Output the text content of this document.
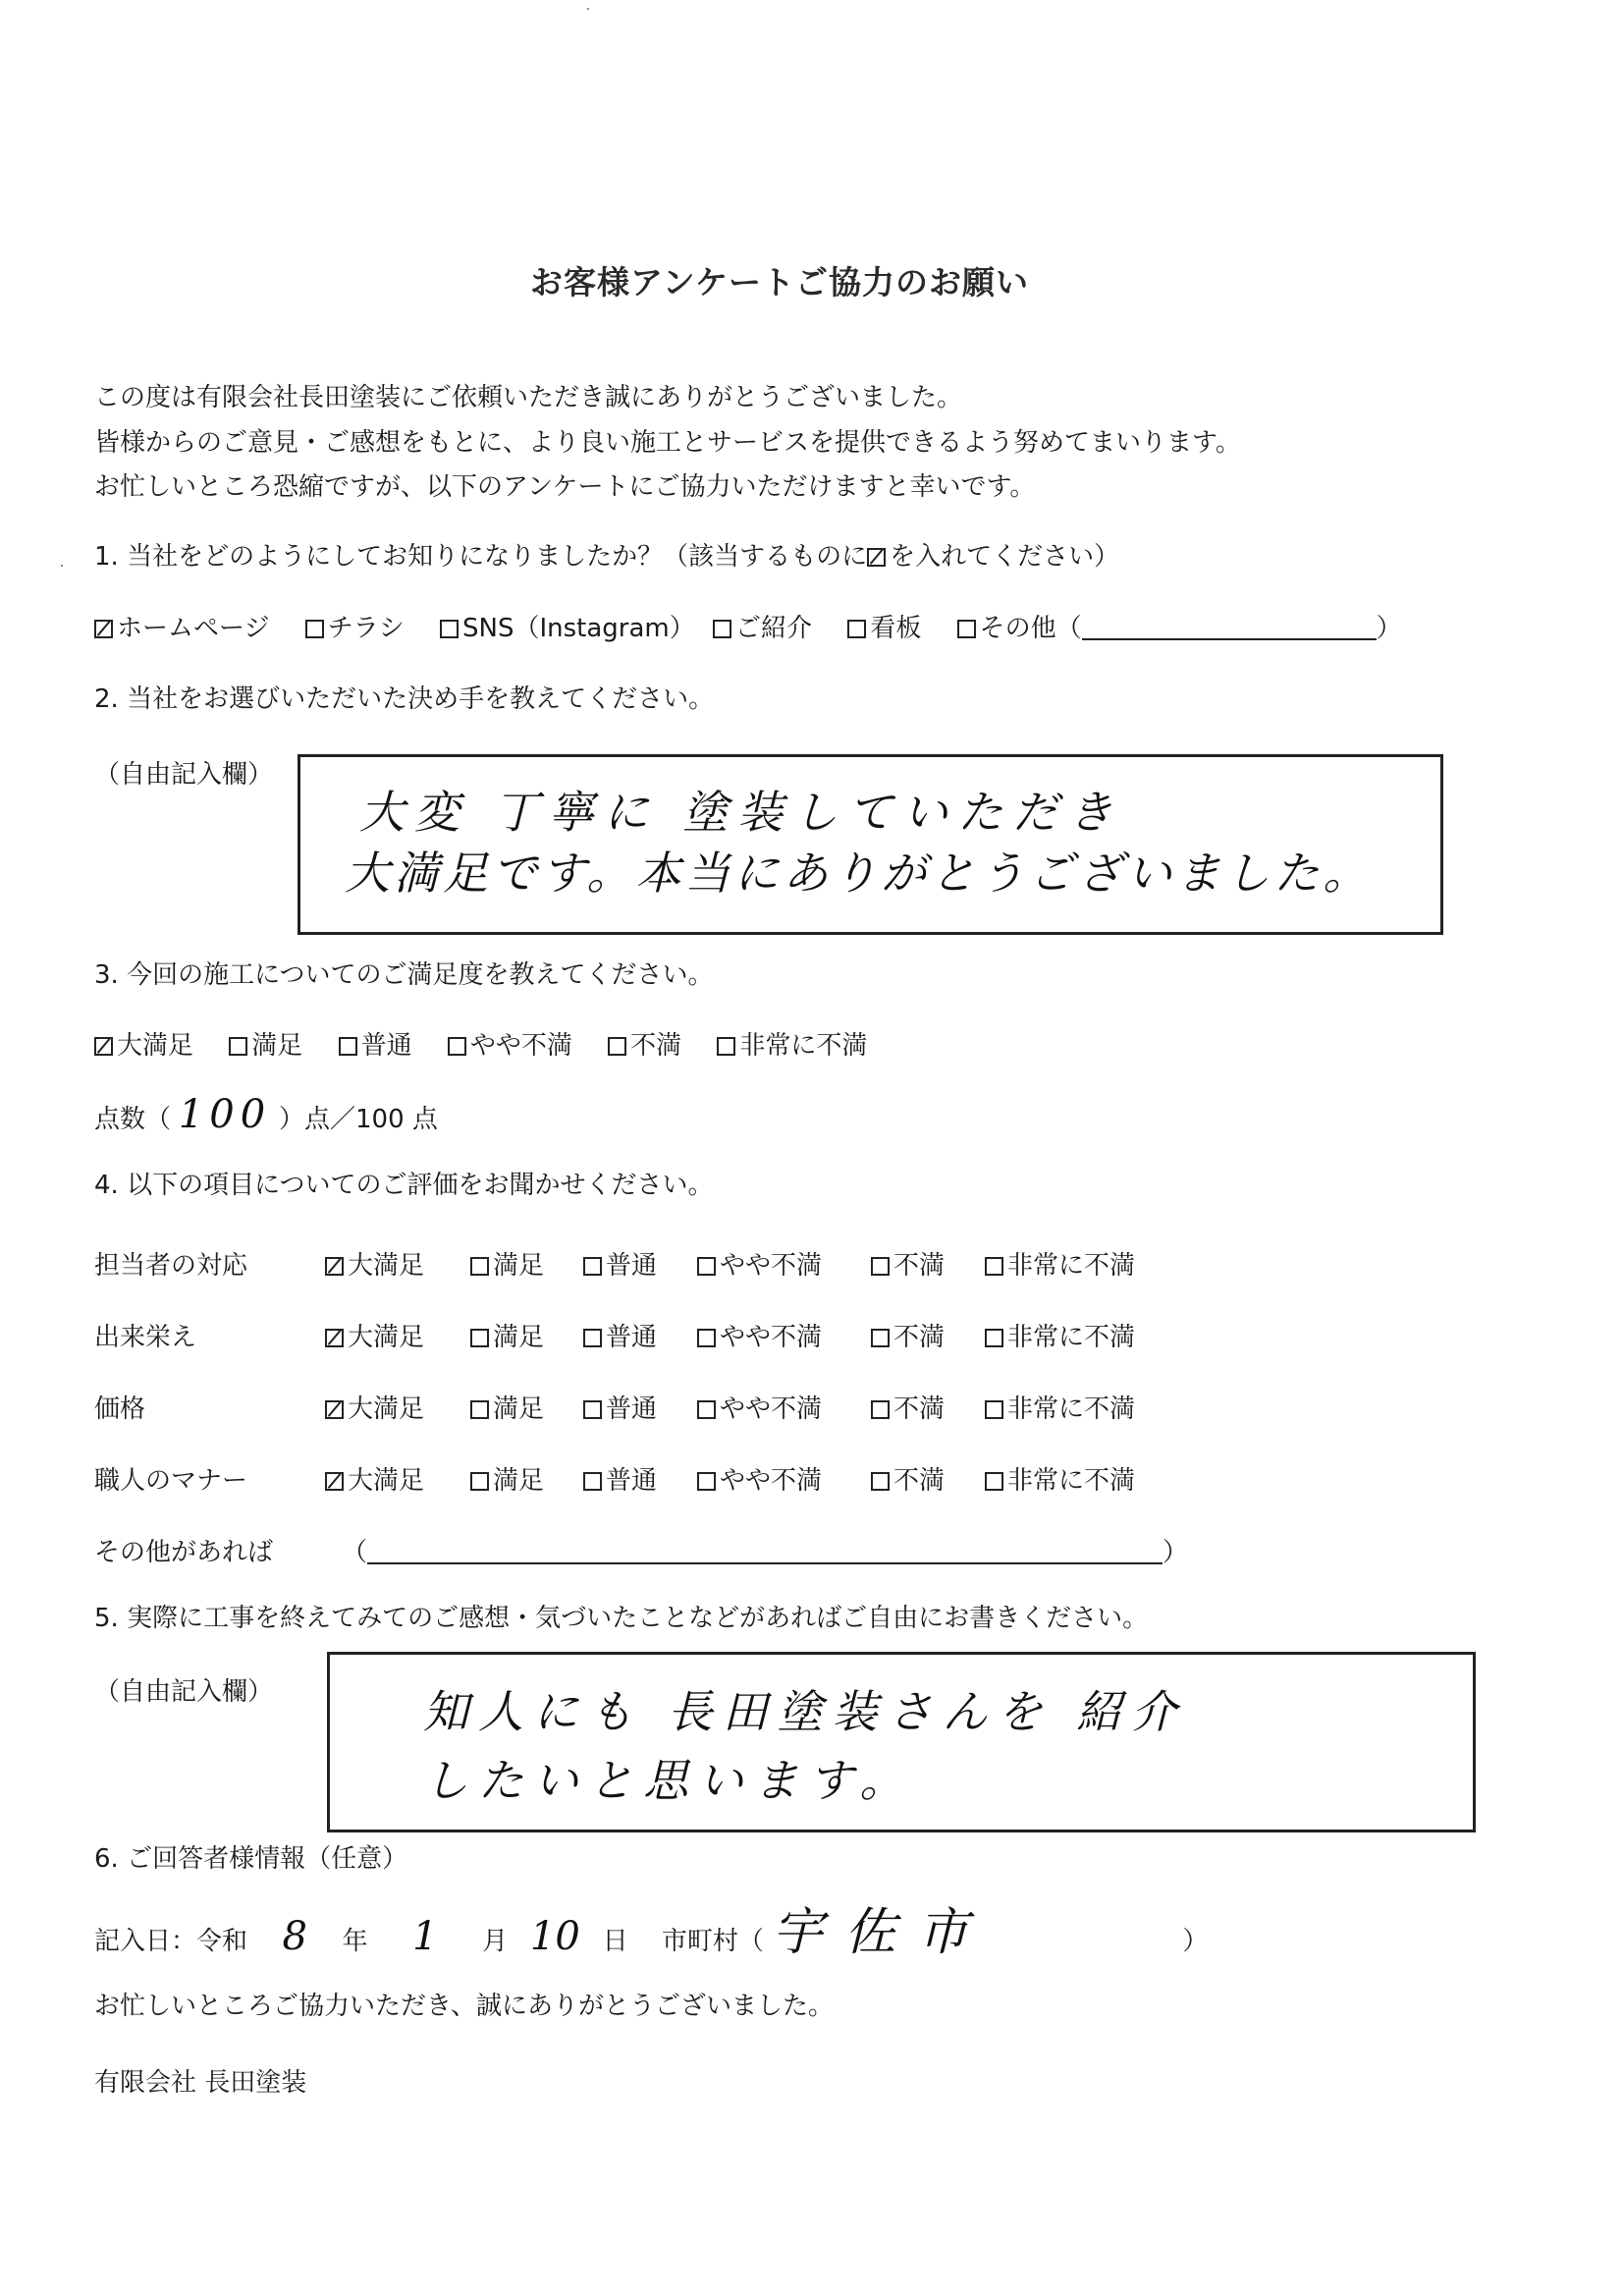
お客様アンケートご協力のお願い
この度は有限会社長田塗装にご依頼いただき誠にありがとうございました。
皆様からのご意見・ご感想をもとに、より良い施工とサービスを提供できるよう努めてまいります。
お忙しいところ恐縮ですが、以下のアンケートにご協力いただけますと幸いです。
1. 当社をどのようにしてお知りになりましたか？（該当するものに を入れてください）
ホームページ チラシ SNS（Instagram） ご紹介 看板 その他（	）
2. 当社をお選びいただいた決め手を教えてください。
（自由記入欄）
大変 丁寧に 塗装していただき
大満足です。本当にありがとうございました。
3. 今回の施工についてのご満足度を教えてください。
大満足 満足 普通 やや不満 不満 非常に不満
点数（ 100 ）点／100 点
4. 以下の項目についてのご評価をお聞かせください。
担当者の対応	大満足	満足	普通	やや不満	不満	非常に不満
出来栄え	大満足	満足	普通	やや不満	不満	非常に不満
価格	大満足	満足	普通	やや不満	不満	非常に不満
職人のマナー	大満足	満足	普通	やや不満	不満	非常に不満
その他があれば	（	）
5. 実際に工事を終えてみてのご感想・気づいたことなどがあればご自由にお書きください。
（自由記入欄）	知人にも 長田塗装さんを 紹介
したいと思います。
6. ご回答者様情報（任意）
記入日：令和 8 年 1 月 10 日 市町村（ 宇佐市	）
お忙しいところご協力いただき、誠にありがとうございました。
有限会社 長田塗装
